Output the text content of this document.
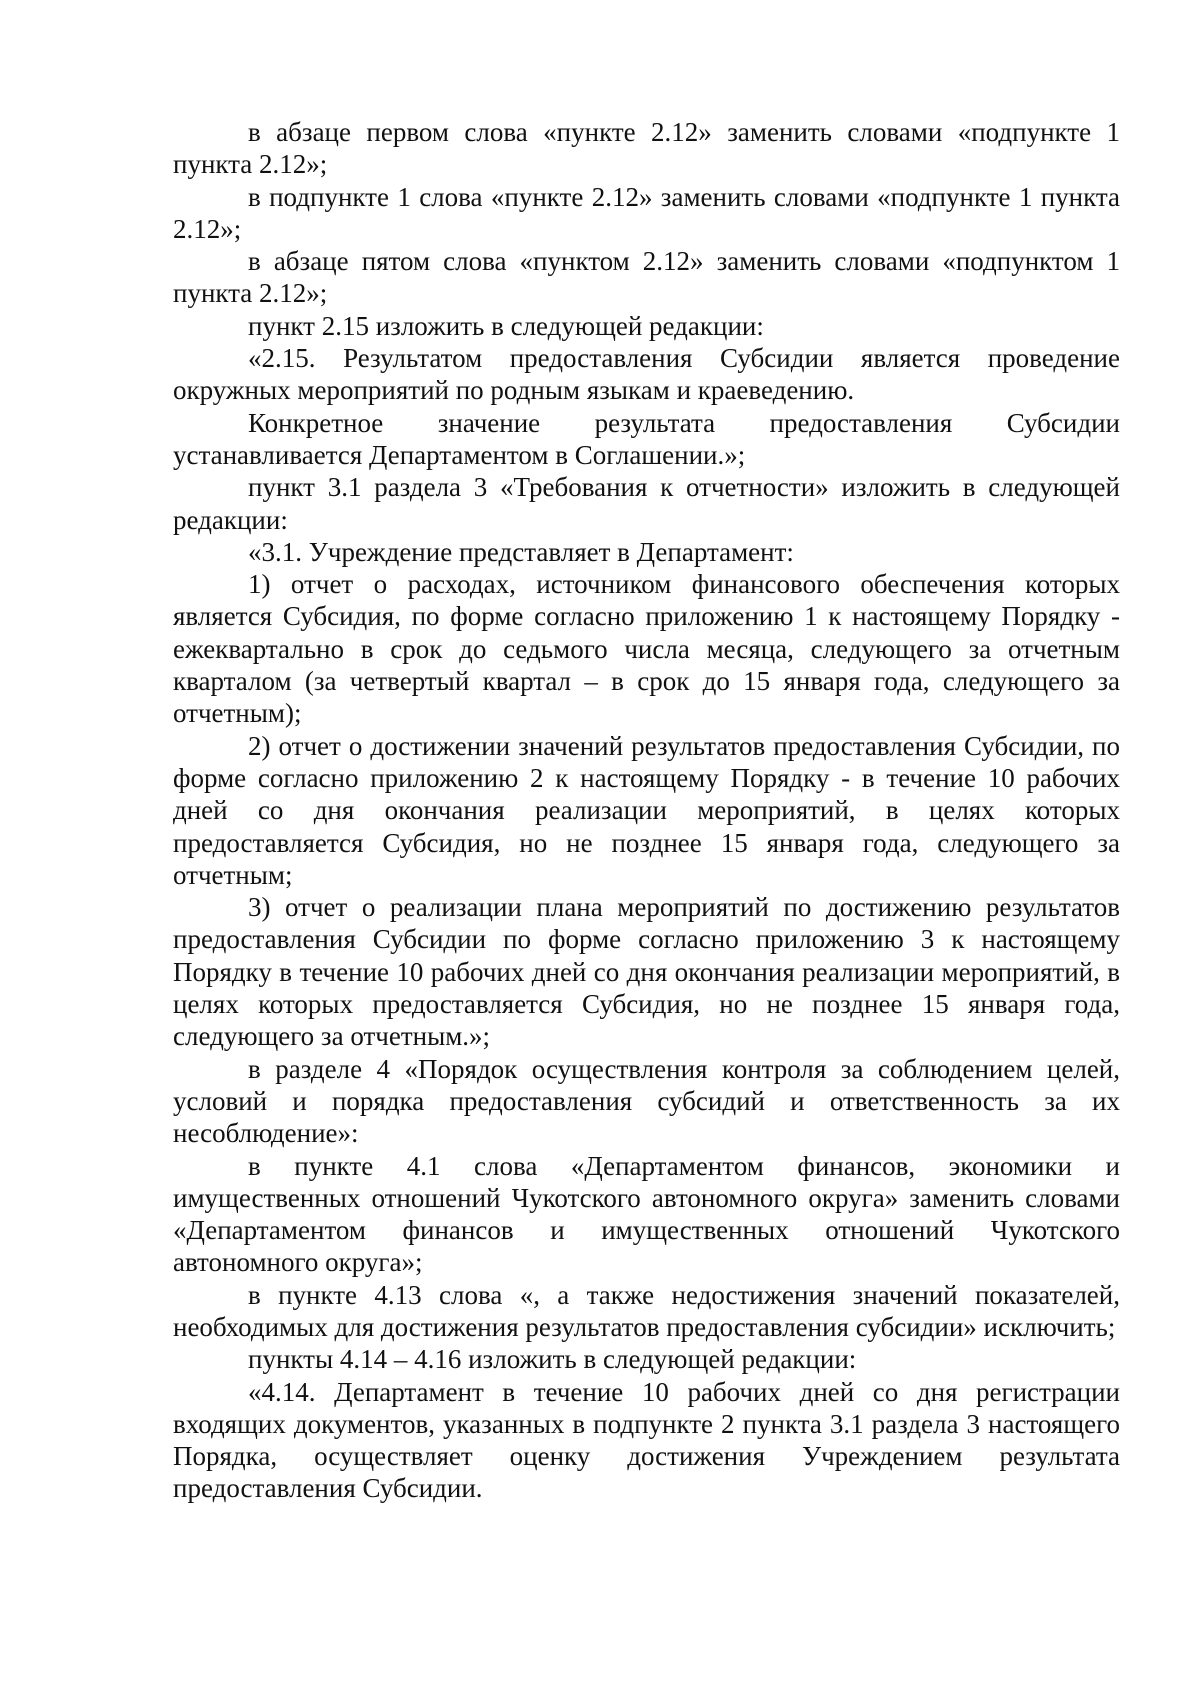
в абзаце первом слова «пункте 2.12» заменить словами «подпункте 1 пункта 2.12»;

в подпункте 1 слова «пункте 2.12» заменить словами «подпункте 1 пункта 2.12»;

в абзаце пятом слова «пунктом 2.12» заменить словами «подпунктом 1 пункта 2.12»;

пункт 2.15 изложить в следующей редакции:

«2.15. Результатом предоставления Субсидии является проведение окружных мероприятий по родным языкам и краеведению.

Конкретное значение результата предоставления Субсидии устанавливается Департаментом в Соглашении.»;

пункт 3.1 раздела 3 «Требования к отчетности» изложить в следующей редакции:

«3.1. Учреждение представляет в Департамент:

1) отчет о расходах, источником финансового обеспечения которых является Субсидия, по форме согласно приложению 1 к настоящему Порядку - ежеквартально в срок до седьмого числа месяца, следующего за отчетным кварталом (за четвертый квартал – в срок до 15 января года, следующего за отчетным);

2) отчет о достижении значений результатов предоставления Субсидии, по форме согласно приложению 2 к настоящему Порядку - в течение 10 рабочих дней со дня окончания реализации мероприятий, в целях которых предоставляется Субсидия, но не позднее 15 января года, следующего за отчетным;

3) отчет о реализации плана мероприятий по достижению результатов предоставления Субсидии по форме согласно приложению 3 к настоящему Порядку в течение 10 рабочих дней со дня окончания реализации мероприятий, в целях которых предоставляется Субсидия, но не позднее 15 января года, следующего за отчетным.»;

в разделе 4 «Порядок осуществления контроля за соблюдением целей, условий и порядка предоставления субсидий и ответственность за их несоблюдение»:

в пункте 4.1 слова «Департаментом финансов, экономики и имущественных отношений Чукотского автономного округа» заменить словами «Департаментом финансов и имущественных отношений Чукотского автономного округа»;

в пункте 4.13 слова «, а также недостижения значений показателей, необходимых для достижения результатов предоставления субсидии» исключить;

пункты 4.14 – 4.16 изложить в следующей редакции:

«4.14. Департамент в течение 10 рабочих дней со дня регистрации входящих документов, указанных в подпункте 2 пункта 3.1 раздела 3 настоящего Порядка, осуществляет оценку достижения Учреждением результата предоставления Субсидии.
